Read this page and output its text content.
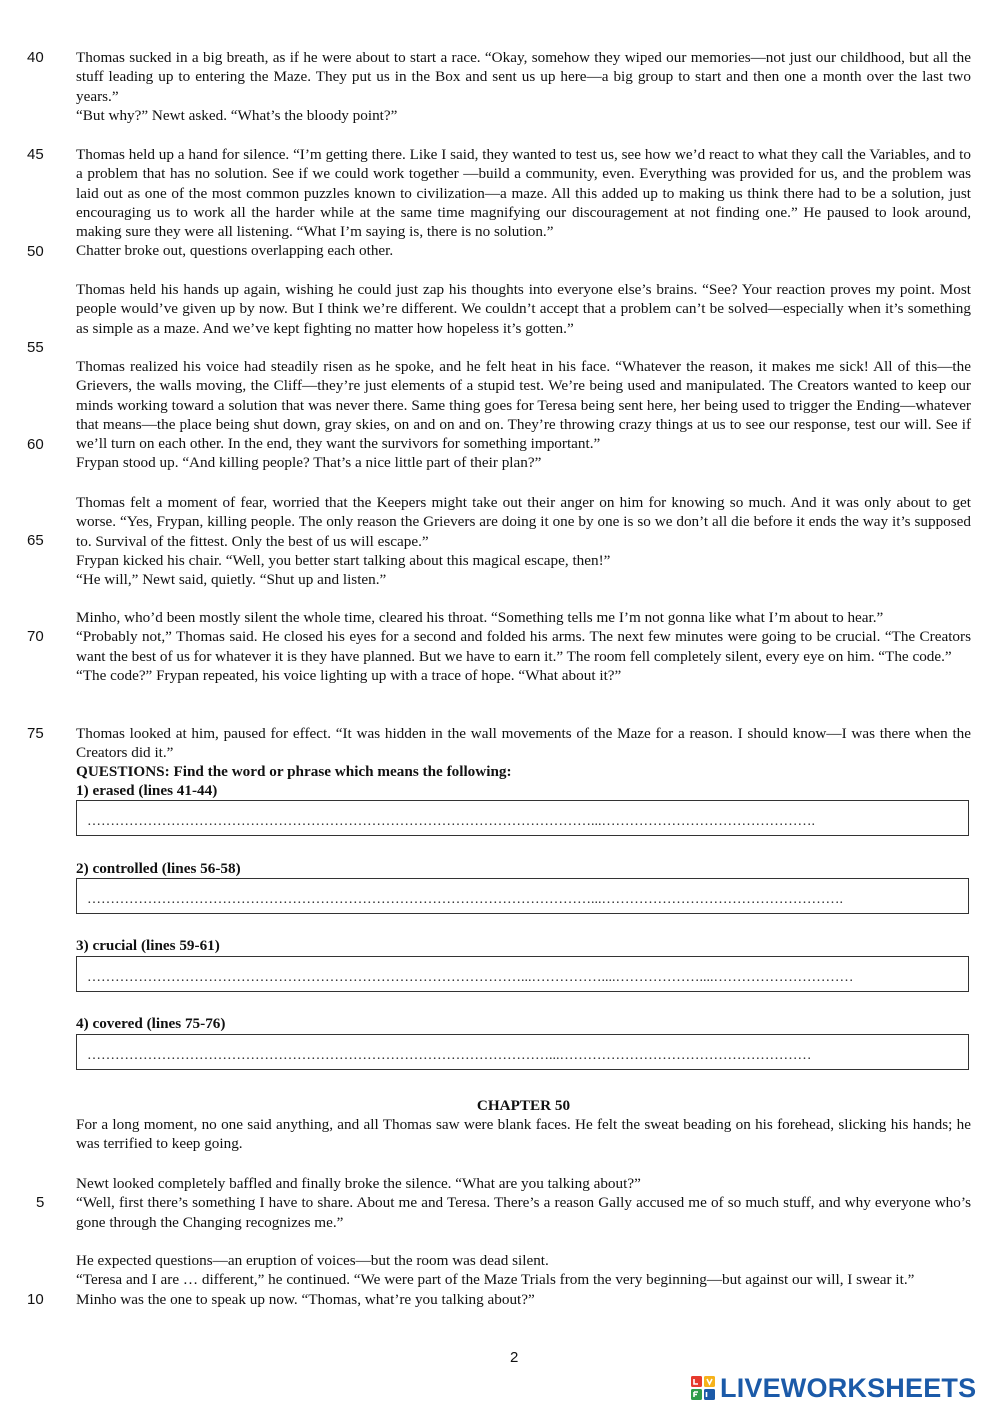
40
45
50
55
60
65
70
75
5
10

Thomas sucked in a big breath, as if he were about to start a race. “Okay, somehow they wiped our memories—not just our childhood, but all the stuff leading up to entering the Maze. They put us in the Box and sent us up here—a big group to start and then one a month over the last two years.”

“But why?” Newt asked. “What’s the bloody point?”

Thomas held up a hand for silence. “I’m getting there. Like I said, they wanted to test us, see how we’d react to what they call the Variables, and to a problem that has no solution. See if we could work together —build a community, even. Everything was provided for us, and the problem was laid out as one of the most common puzzles known to civilization—a maze. All this added up to making us think there had to be a solution, just encouraging us to work all the harder while at the same time magnifying our discouragement at not finding one.” He paused to look around, making sure they were all listening. “What I’m saying is, there is no solution.”

Chatter broke out, questions overlapping each other.

Thomas held his hands up again, wishing he could just zap his thoughts into everyone else’s brains. “See? Your reaction proves my point. Most people would’ve given up by now. But I think we’re different. We couldn’t accept that a problem can’t be solved—especially when it’s something as simple as a maze. And we’ve kept fighting no matter how hopeless it’s gotten.”

Thomas realized his voice had steadily risen as he spoke, and he felt heat in his face. “Whatever the reason, it makes me sick! All of this—the Grievers, the walls moving, the Cliff—they’re just elements of a stupid test. We’re being used and manipulated. The Creators wanted to keep our minds working toward a solution that was never there. Same thing goes for Teresa being sent here, her being used to trigger the Ending—whatever that means—the place being shut down, gray skies, on and on and on. They’re throwing crazy things at us to see our response, test our will. See if we’ll turn on each other. In the end, they want the survivors for something important.”

Frypan stood up. “And killing people? That’s a nice little part of their plan?”

Thomas felt a moment of fear, worried that the Keepers might take out their anger on him for knowing so much. And it was only about to get worse. “Yes, Frypan, killing people. The only reason the Grievers are doing it one by one is so we don’t all die before it ends the way it’s supposed to. Survival of the fittest. Only the best of us will escape.”

Frypan kicked his chair. “Well, you better start talking about this magical escape, then!”

“He will,” Newt said, quietly. “Shut up and listen.”

Minho, who’d been mostly silent the whole time, cleared his throat. “Something tells me I’m not gonna like what I’m about to hear.”

“Probably not,” Thomas said. He closed his eyes for a second and folded his arms. The next few minutes were going to be crucial. “The Creators want the best of us for whatever it is they have planned. But we have to earn it.” The room fell completely silent, every eye on him. “The code.”

“The code?” Frypan repeated, his voice lighting up with a trace of hope. “What about it?”

Thomas looked at him, paused for effect. “It was hidden in the wall movements of the Maze for a reason. I should know—I was there when the Creators did it.”

QUESTIONS: Find the word or phrase which means the following:
1) erased (lines 41-44)
………………………………………………………………………………………………...……………………………………….
2) controlled (lines 56-58)
………………………………………………………………………………………………...…………………………………………….
3) crucial (lines 59-61)
…………………………………………………………………………………...……………....………………....…………………………
4) covered (lines 75-76)
………………………………………………………………………………………...………………………………………………
CHAPTER 50

For a long moment, no one said anything, and all Thomas saw were blank faces. He felt the sweat beading on his forehead, slicking his hands; he was terrified to keep going.

Newt looked completely baffled and finally broke the silence. “What are you talking about?”

“Well, first there’s something I have to share. About me and Teresa. There’s a reason Gally accused me of so much stuff, and why everyone who’s gone through the Changing recognizes me.”

He expected questions—an eruption of voices—but the room was dead silent.

“Teresa and I are … different,” he continued. “We were part of the Maze Trials from the very beginning—but against our will, I swear it.”

Minho was the one to speak up now. “Thomas, what’re you talking about?”

2
LIVEWORKSHEETS
